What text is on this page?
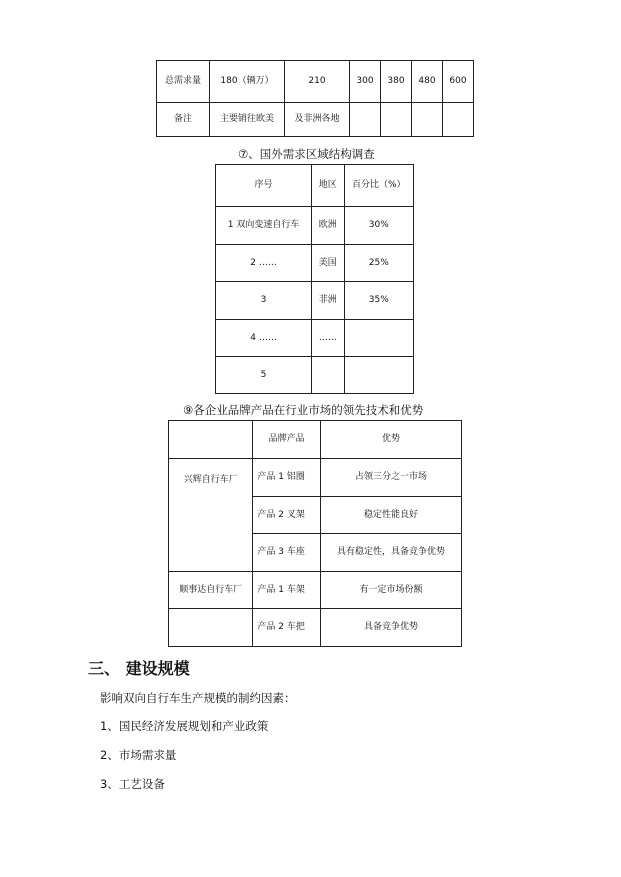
总需求量	180（辆万）	210	300	380	480	600
备注	主要销往欧美	及非洲各地				
⑦、国外需求区域结构调查
序号	地区	百分比（%）
1 双向变速自行车	欧洲	30%
2 ……	美国	25%
3	非洲	35%
4 ……	……	
5		
⑨各企业品牌产品在行业市场的领先技术和优势
	品牌产品	优势

兴辉自行车厂	产品 1 铝圈	占领三分之一市场
	产品 2 叉架	稳定性能良好
	产品 3 车座	具有稳定性，具备竞争优势
顺事达自行车厂	产品 1 车架	有一定市场份额
	产品 2 车把	具备竞争优势
三、 建设规模
影响双向自行车生产规模的制约因素：
1、国民经济发展规划和产业政策
2、市场需求量
3、工艺设备
